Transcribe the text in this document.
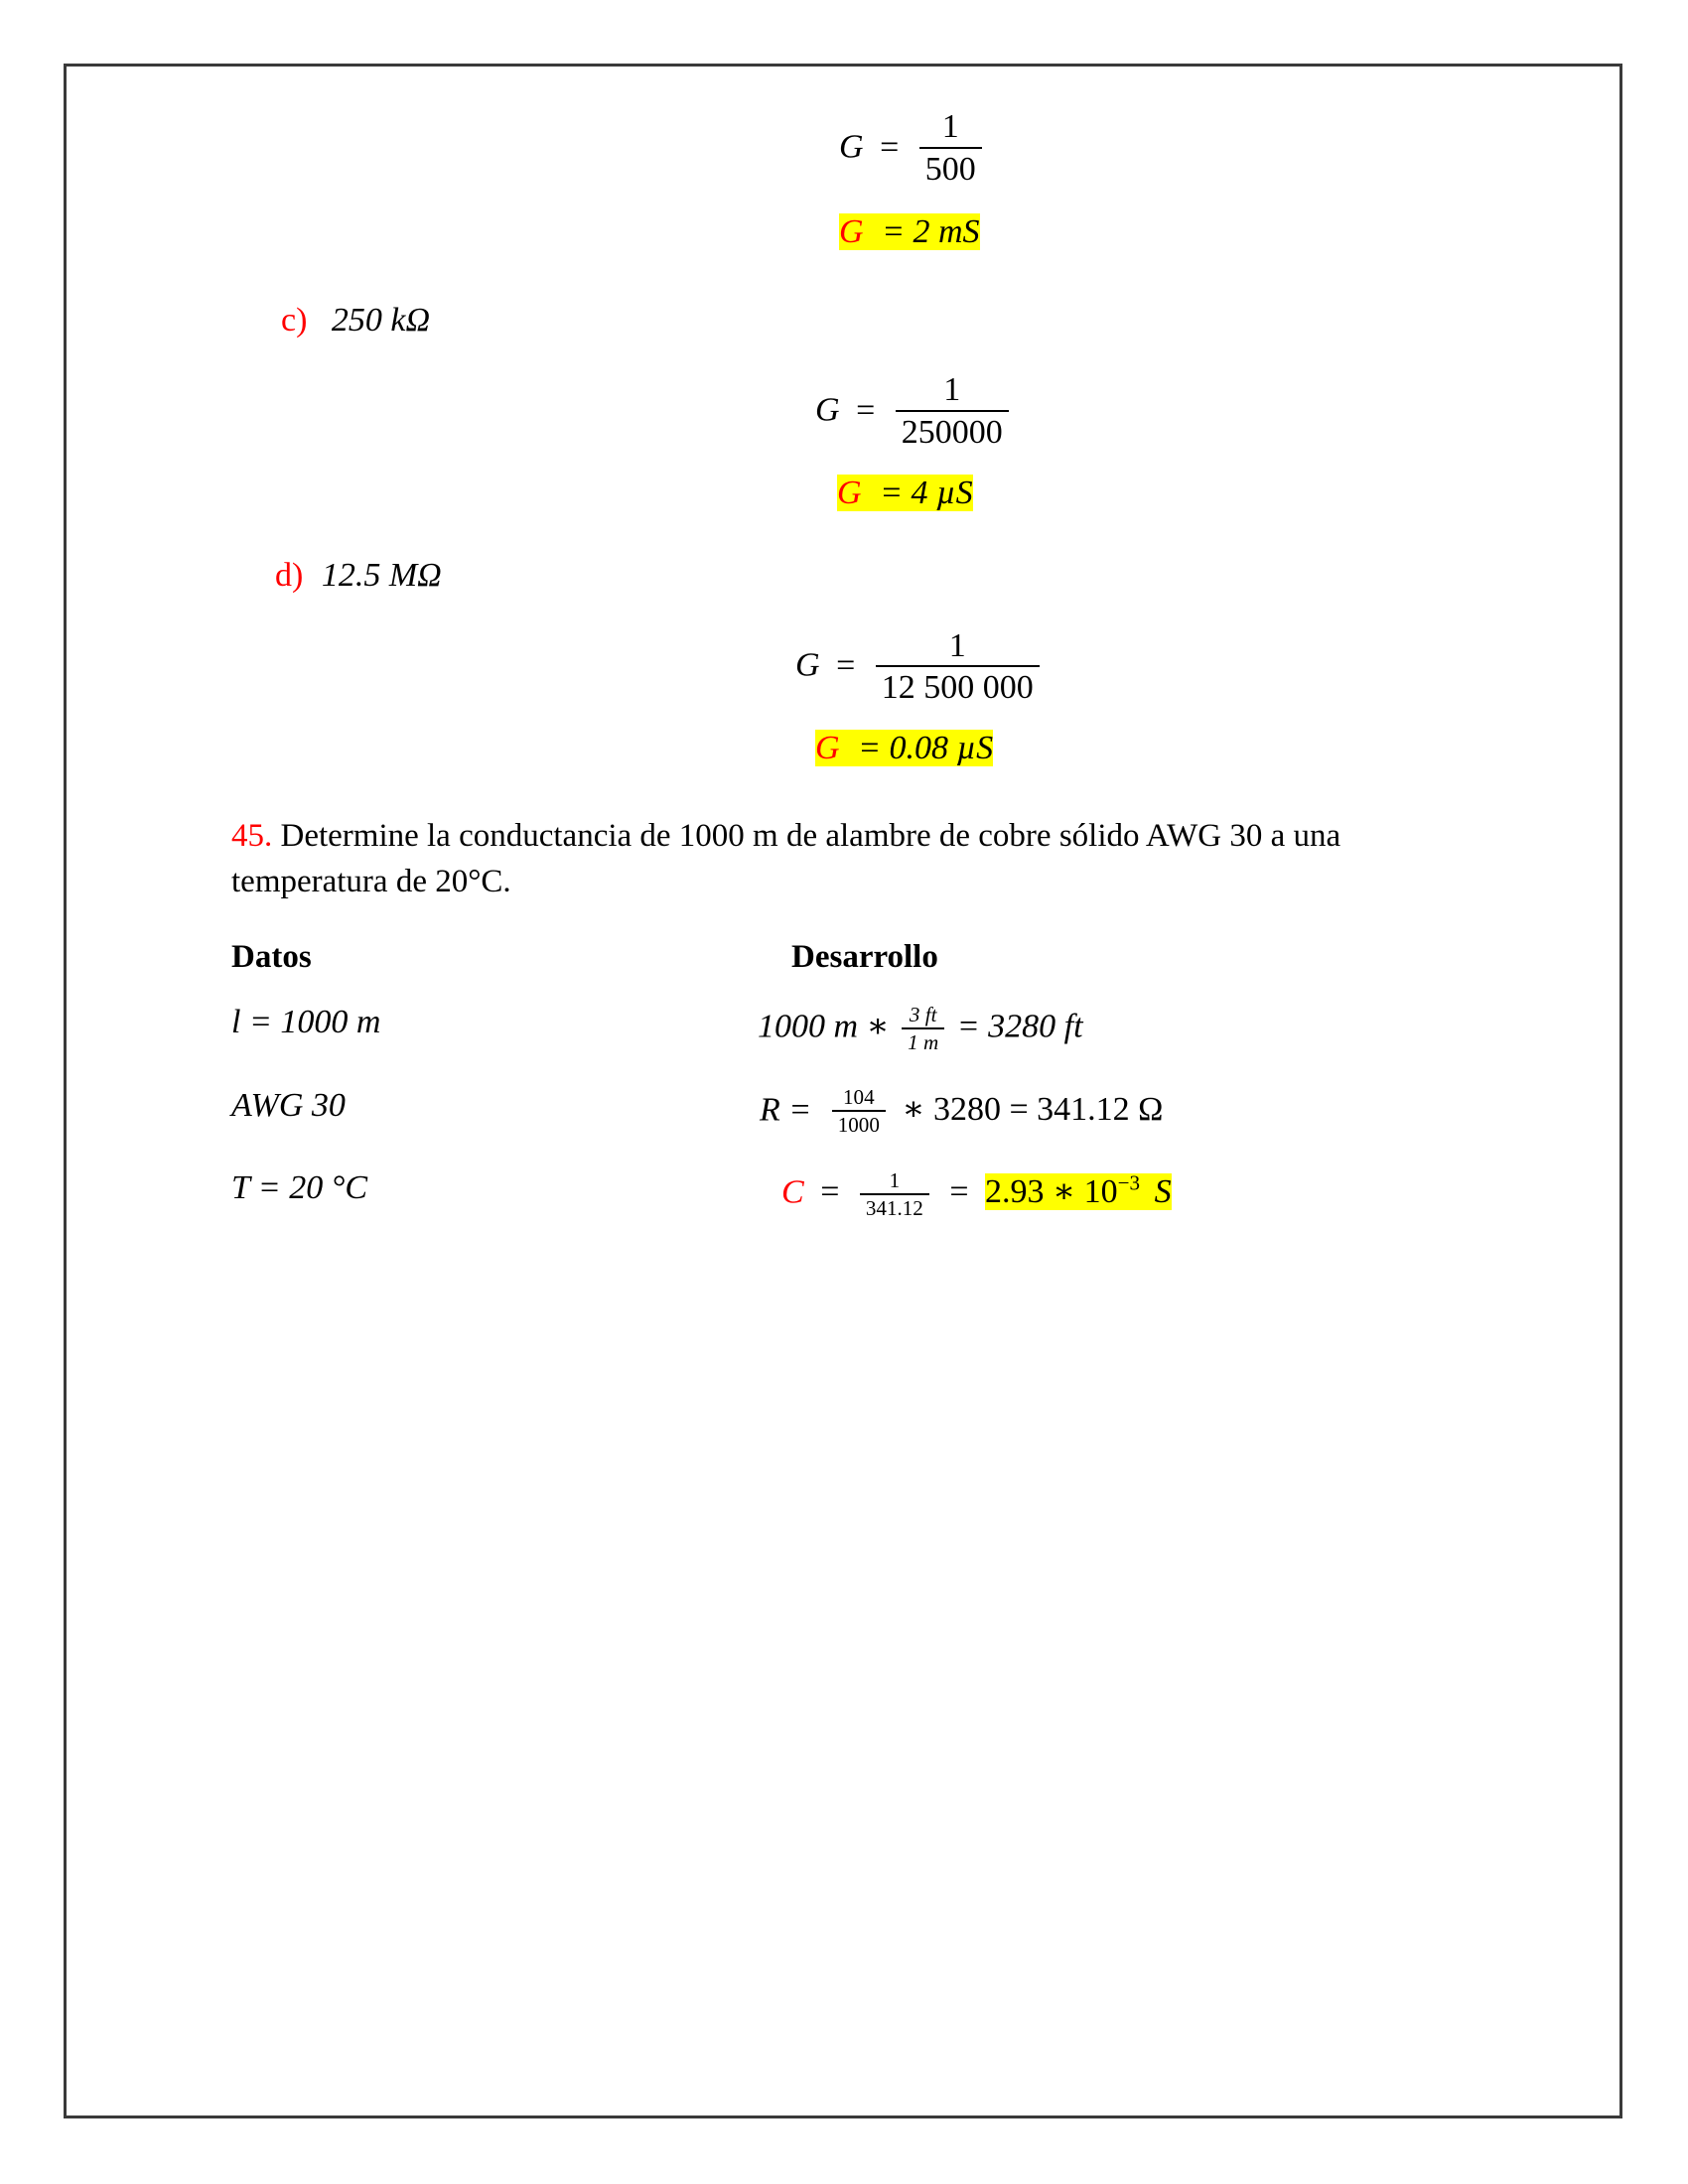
$G = \frac{1}{500}$
G = 2 mS
c) 250 kΩ
$G = \frac{1}{250000}$
G = 4 µS
d) 12.5 MΩ
$G = \frac{1}{12 500 000}$
G = 0.08 µS
45. Determine la conductancia de 1000 m de alambre de cobre sólido AWG 30 a una temperatura de 20°C.
Datos	Desarrollo
l = 1000 m	1000 m ∗ $\frac{3 ft}{1 m} = 3280$ ft
AWG 30	$R = \frac{104}{1000}$ ∗ 3280 = 341.12 Ω
T = 20 °C	$C = \frac{1}{341.12} = 2.93$ ∗ $10^{-3}$ S
